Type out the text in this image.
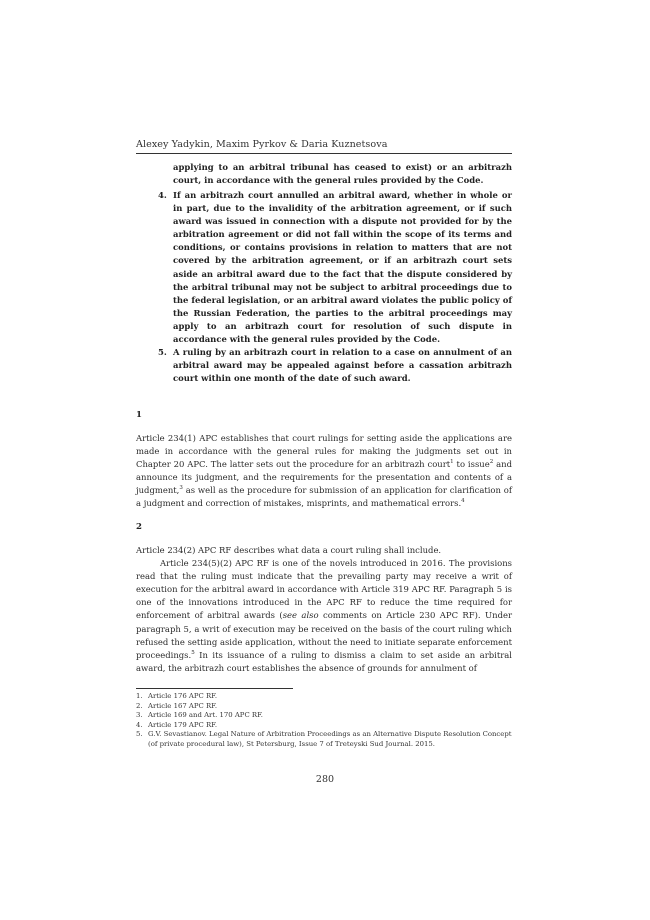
Alexey Yadykin, Maxim Pyrkov & Daria Kuznetsova
applying to an arbitral tribunal has ceased to exist) or an arbitrazh court, in accordance with the general rules provided by the Code.
4. If an arbitrazh court annulled an arbitral award, whether in whole or in part, due to the invalidity of the arbitration agreement, or if such award was issued in connection with a dispute not provided for by the arbitration agreement or did not fall within the scope of its terms and conditions, or contains provisions in relation to matters that are not covered by the arbitration agreement, or if an arbitrazh court sets aside an arbitral award due to the fact that the dispute considered by the arbitral tribunal may not be subject to arbitral proceedings due to the federal legislation, or an arbitral award violates the public policy of the Russian Federation, the parties to the arbitral proceedings may apply to an arbitrazh court for resolution of such dispute in accordance with the general rules provided by the Code.
5. A ruling by an arbitrazh court in relation to a case on annulment of an arbitral award may be appealed against before a cassation arbitrazh court within one month of the date of such award.
1

Article 234(1) APC establishes that court rulings for setting aside the applications are made in accordance with the general rules for making the judgments set out in Chapter 20 APC. The latter sets out the procedure for an arbitrazh court$^1$ to issue$^2$ and announce its judgment, and the requirements for the presentation and contents of a judgment,$^3$ as well as the procedure for submission of an application for clarification of a judgment and correction of mistakes, misprints, and mathematical errors.$^4$

2

Article 234(2) APC RF describes what data a court ruling shall include.

Article 234(5)(2) APC RF is one of the novels introduced in 2016. The provisions read that the ruling must indicate that the prevailing party may receive a writ of execution for the arbitral award in accordance with Article 319 APC RF. Paragraph 5 is one of the innovations introduced in the APC RF to reduce the time required for enforcement of arbitral awards (see also comments on Article 230 APC RF). Under paragraph 5, a writ of execution may be received on the basis of the court ruling which refused the setting aside application, without the need to initiate separate enforcement proceedings.$^5$ In its issuance of a ruling to dismiss a claim to set aside an arbitral award, the arbitrazh court establishes the absence of grounds for annulment of

1. Article 176 APC RF.
2. Article 167 APC RF.
3. Article 169 and Art. 170 APC RF.
4. Article 179 APC RF.
5. G.V. Sevastianov. Legal Nature of Arbitration Proceedings as an Alternative Dispute Resolution Concept (of private procedural law), St Petersburg, Issue 7 of Treteyski Sud Journal. 2015.
280
